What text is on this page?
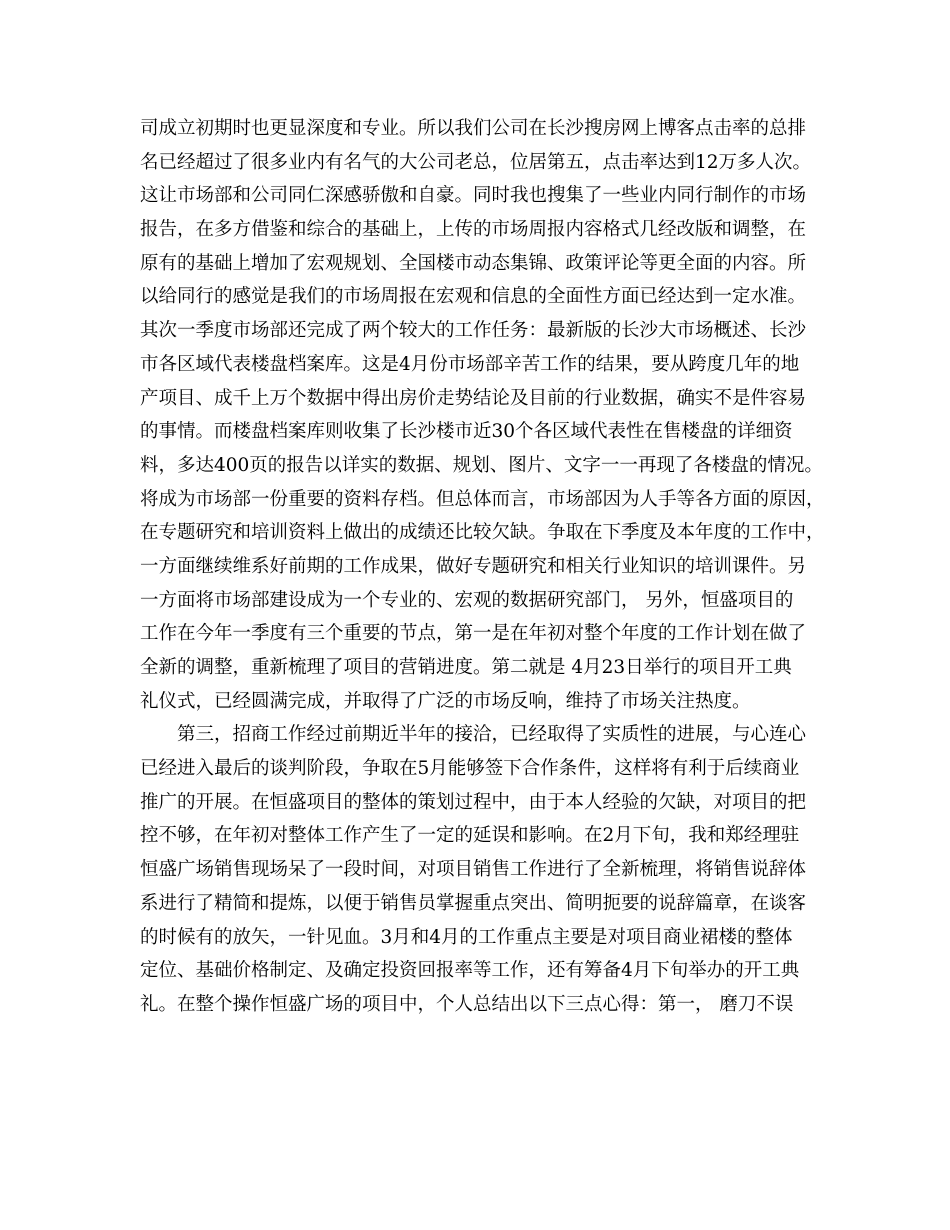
司成立初期时也更显深度和专业。所以我们公司在长沙搜房网上博客点击率的总排
名已经超过了很多业内有名气的大公司老总，位居第五，点击率达到12万多人次。
这让市场部和公司同仁深感骄傲和自豪。同时我也搜集了一些业内同行制作的市场
报告，在多方借鉴和综合的基础上，上传的市场周报内容格式几经改版和调整，在
原有的基础上增加了宏观规划、全国楼市动态集锦、政策评论等更全面的内容。所
以给同行的感觉是我们的市场周报在宏观和信息的全面性方面已经达到一定水准。
其次一季度市场部还完成了两个较大的工作任务：最新版的长沙大市场概述、长沙
市各区域代表楼盘档案库。这是4月份市场部辛苦工作的结果，要从跨度几年的地
产项目、成千上万个数据中得出房价走势结论及目前的行业数据，确实不是件容易
的事情。而楼盘档案库则收集了长沙楼市近30个各区域代表性在售楼盘的详细资
料，多达400页的报告以详实的数据、规划、图片、文字一一再现了各楼盘的情况。
将成为市场部一份重要的资料存档。但总体而言，市场部因为人手等各方面的原因，
在专题研究和培训资料上做出的成绩还比较欠缺。争取在下季度及本年度的工作中，
一方面继续维系好前期的工作成果，做好专题研究和相关行业知识的培训课件。另
一方面将市场部建设成为一个专业的、宏观的数据研究部门， 另外，恒盛项目的
工作在今年一季度有三个重要的节点，第一是在年初对整个年度的工作计划在做了
全新的调整，重新梳理了项目的营销进度。第二就是 4月23日举行的项目开工典
礼仪式，已经圆满完成，并取得了广泛的市场反响，维持了市场关注热度。
第三，招商工作经过前期近半年的接洽，已经取得了实质性的进展，与心连心
已经进入最后的谈判阶段，争取在5月能够签下合作条件，这样将有利于后续商业
推广的开展。在恒盛项目的整体的策划过程中，由于本人经验的欠缺，对项目的把
控不够，在年初对整体工作产生了一定的延误和影响。在2月下旬，我和郑经理驻
恒盛广场销售现场呆了一段时间，对项目销售工作进行了全新梳理，将销售说辞体
系进行了精简和提炼，以便于销售员掌握重点突出、简明扼要的说辞篇章，在谈客
的时候有的放矢，一针见血。3月和4月的工作重点主要是对项目商业裙楼的整体
定位、基础价格制定、及确定投资回报率等工作，还有筹备4月下旬举办的开工典
礼。在整个操作恒盛广场的项目中，个人总结出以下三点心得：第一， 磨刀不误
